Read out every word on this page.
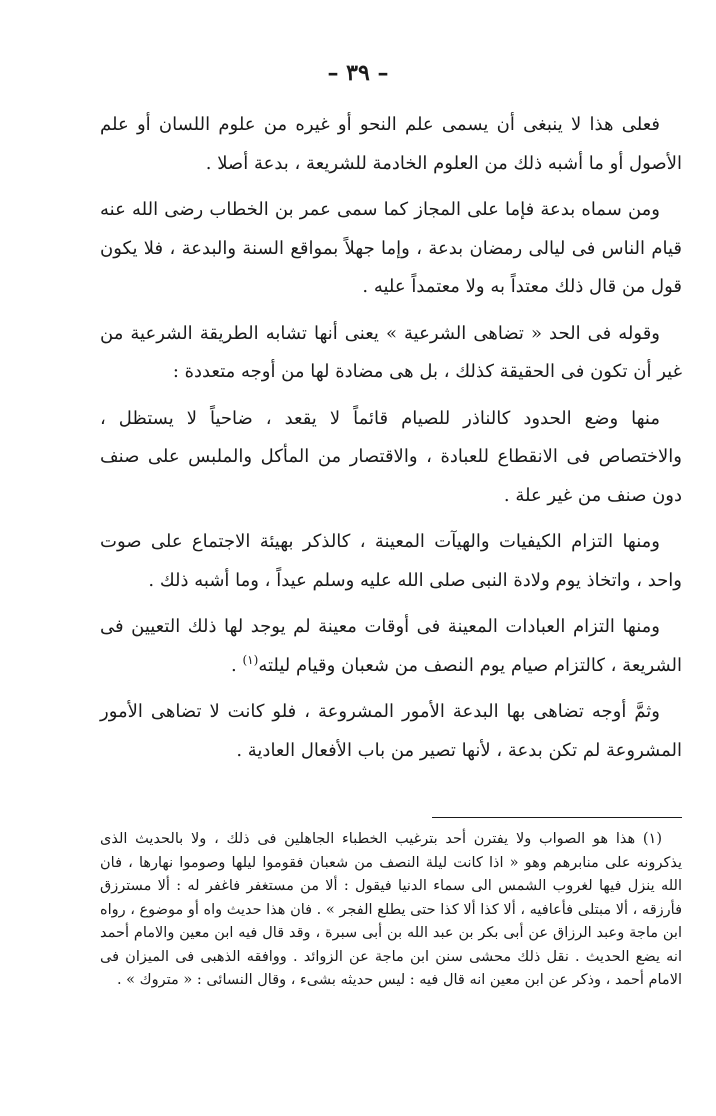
– ٣٩ –

فعلى هذا لا ينبغى أن يسمى علم النحو أو غيره من علوم اللسان أو علم الأصول أو ما أشبه ذلك من العلوم الخادمة للشريعة ، بدعة أصلا .

ومن سماه بدعة فإما على المجاز كما سمى عمر بن الخطاب رضى الله عنه قيام الناس فى ليالى رمضان بدعة ، وإما جهلاً بمواقع السنة والبدعة ، فلا يكون قول من قال ذلك معتداً به ولا معتمداً عليه .

وقوله فى الحد « تضاهى الشرعية » يعنى أنها تشابه الطريقة الشرعية من غير أن تكون فى الحقيقة كذلك ، بل هى مضادة لها من أوجه متعددة :

منها وضع الحدود كالناذر للصيام قائماً لا يقعد ، ضاحياً لا يستظل ، والاختصاص فى الانقطاع للعبادة ، والاقتصار من المأكل والملبس على صنف دون صنف من غير علة .

ومنها التزام الكيفيات والهيآت المعينة ، كالذكر بهيئة الاجتماع على صوت واحد ، واتخاذ يوم ولادة النبى صلى الله عليه وسلم عيداً ، وما أشبه ذلك .

ومنها التزام العبادات المعينة فى أوقات معينة لم يوجد لها ذلك التعيين فى الشريعة ، كالتزام صيام يوم النصف من شعبان وقيام ليلته$^{(١)}$ .

وثمَّ أوجه تضاهى بها البدعة الأمور المشروعة ، فلو كانت لا تضاهى الأمور المشروعة لم تكن بدعة ، لأنها تصير من باب الأفعال العادية .

(١) هذا هو الصواب ولا يفترن أحد بترغيب الخطباء الجاهلين فى ذلك ، ولا بالحديث الذى يذكرونه على منابرهم وهو « اذا كانت ليلة النصف من شعبان فقوموا ليلها وصوموا نهارها ، فان الله ينزل فيها لغروب الشمس الى سماء الدنيا فيقول : ألا من مستغفر فاغفر له : ألا مسترزق فأرزقه ، ألا مبتلى فأعافيه ، ألا كذا ألا كذا حتى يطلع الفجر » . فان هذا حديث واه أو موضوع ، رواه ابن ماجة وعبد الرزاق عن أبى بكر بن عبد الله بن أبى سبرة ، وقد قال فيه ابن معين والامام أحمد انه يضع الحديث . نقل ذلك محشى سنن ابن ماجة عن الزوائد . ووافقه الذهبى فى الميزان فى الامام أحمد ، وذكر عن ابن معين انه قال فيه : ليس حديثه بشىء ، وقال النسائى : « متروك » .
